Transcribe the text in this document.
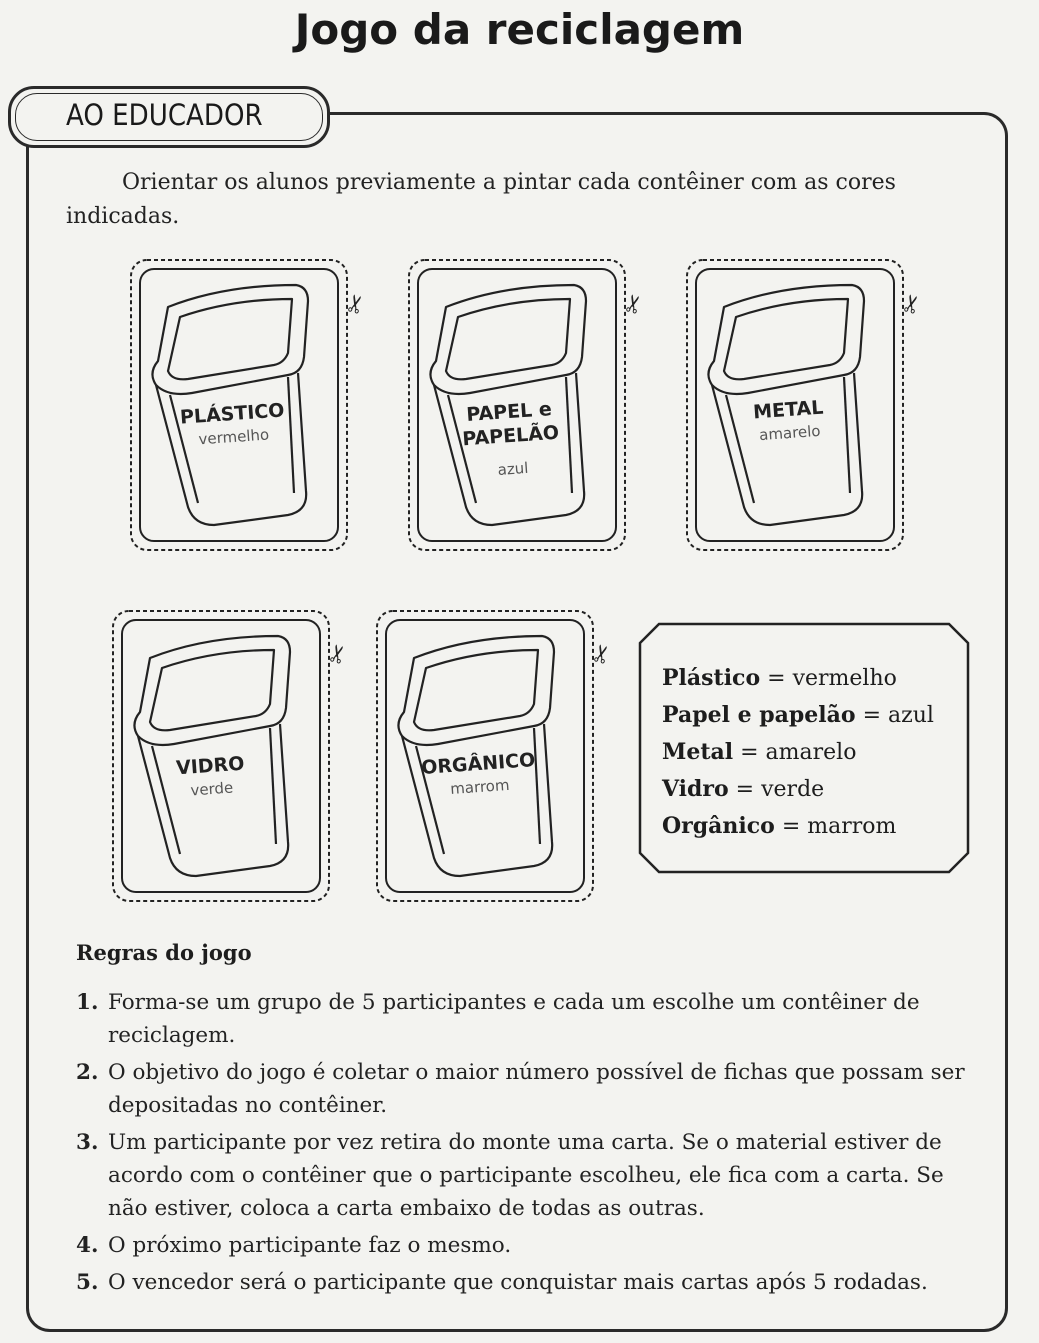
Jogo da reciclagem
AO EDUCADOR
Orientar os alunos previamente a pintar cada contêiner com as cores indicadas.
✂
PLÁSTICO
vermelho
✂
PAPEL e
PAPELÃO
azul
✂
METAL
amarelo
✂
VIDRO
verde
✂
ORGÂNICO
marrom
Plástico = vermelho
Papel e papelão = azul
Metal = amarelo
Vidro = verde
Orgânico = marrom
Regras do jogo
1. Forma-se um grupo de 5 participantes e cada um escolhe um contêiner de reciclagem.
2. O objetivo do jogo é coletar o maior número possível de fichas que possam ser depositadas no contêiner.
3. Um participante por vez retira do monte uma carta. Se o material estiver de acordo com o contêiner que o participante escolheu, ele fica com a carta. Se não estiver, coloca a carta embaixo de todas as outras.
4. O próximo participante faz o mesmo.
5. O vencedor será o participante que conquistar mais cartas após 5 rodadas.
